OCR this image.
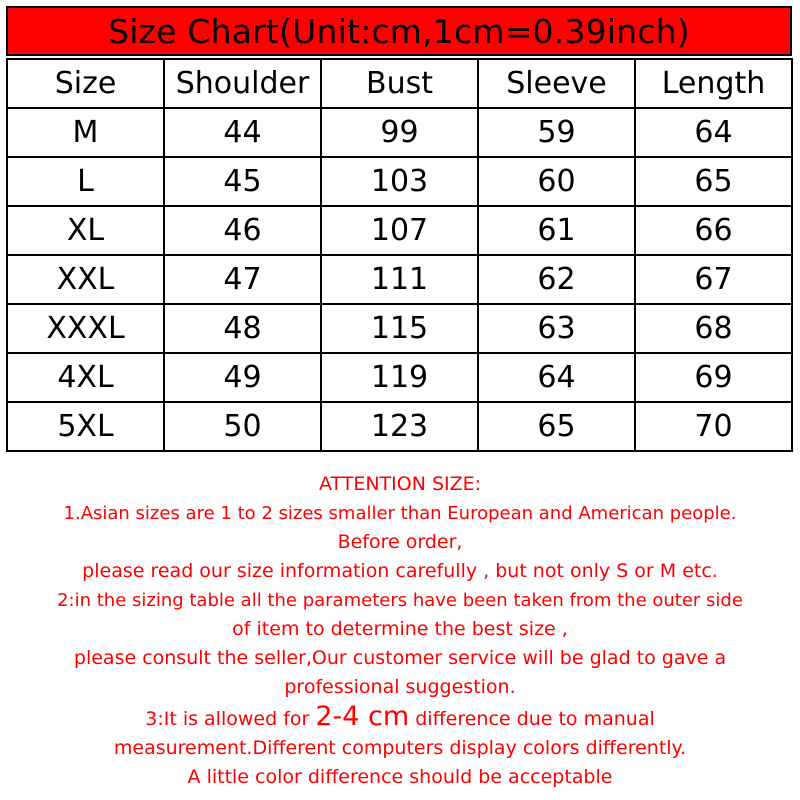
Size Chart(Unit:cm,1cm=0.39inch)
Size	Shoulder	Bust	Sleeve	Length
M	44	99	59	64
L	45	103	60	65
XL	46	107	61	66
XXL	47	111	62	67
XXXL	48	115	63	68
4XL	49	119	64	69
5XL	50	123	65	70
ATTENTION SIZE:
1.Asian sizes are 1 to 2 sizes smaller than European and American people.
Before order,
please read our size information carefully , but not only S or M etc.
2:in the sizing table all the parameters have been taken from the outer side
of item to determine the best size ,
please consult the seller,Our customer service will be glad to gave a
professional suggestion.
3:It is allowed for 2-4 cm difference due to manual
measurement.Different computers display colors differently.
A little color difference should be acceptable
